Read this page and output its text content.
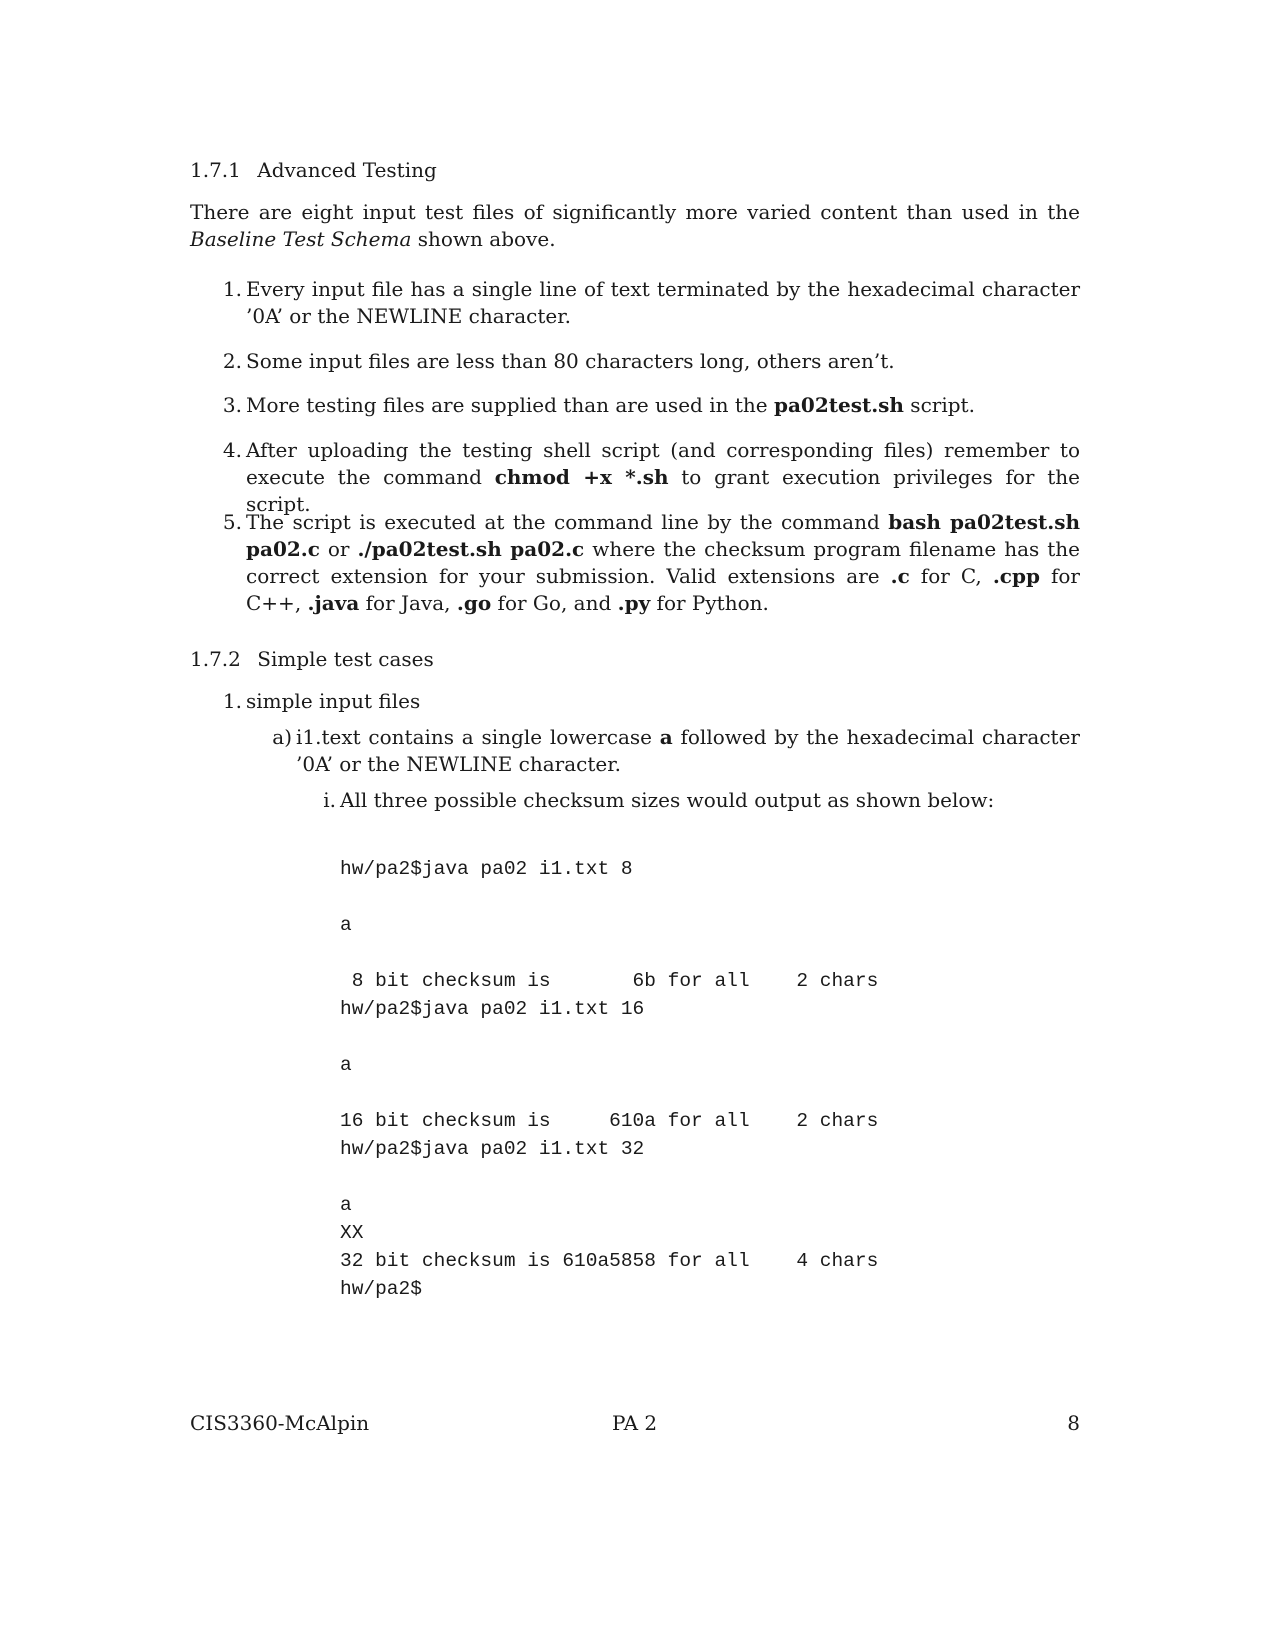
1.7.1 Advanced Testing
There are eight input test files of significantly more varied content than used in the Baseline Test Schema shown above.
1. Every input file has a single line of text terminated by the hexadecimal character ’0A’ or the NEWLINE character.
2. Some input files are less than 80 characters long, others aren’t.
3. More testing files are supplied than are used in the pa02test.sh script.
4. After uploading the testing shell script (and corresponding files) remember to execute the command chmod +x *.sh to grant execution privileges for the script.
5. The script is executed at the command line by the command bash pa02test.sh pa02.c or ./pa02test.sh pa02.c where the checksum program filename has the correct extension for your submission. Valid extensions are .c for C, .cpp for C++, .java for Java, .go for Go, and .py for Python.
1.7.2 Simple test cases
1. simple input files
a) i1.text contains a single lowercase a followed by the hexadecimal character ’0A’ or the NEWLINE character.
i. All three possible checksum sizes would output as shown below:
hw/pa2$java pa02 i1.txt 8

a

8 bit checksum is       6b for all    2 chars
hw/pa2$java pa02 i1.txt 16

a

16 bit checksum is     610a for all    2 chars
hw/pa2$java pa02 i1.txt 32

a
XX
32 bit checksum is 610a5858 for all    4 chars
hw/pa2$
CIS3360-McAlpin	PA 2	8
